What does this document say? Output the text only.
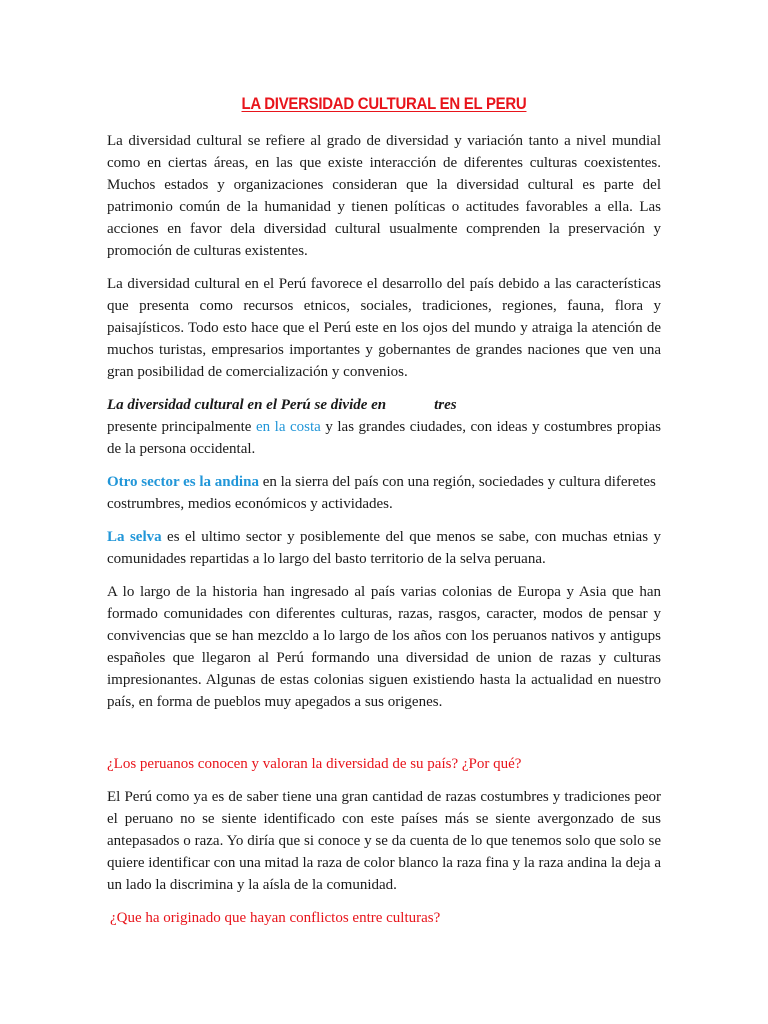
LA DIVERSIDAD CULTURAL EN EL PERU

La diversidad cultural se refiere al grado de diversidad y variación tanto a nivel mundial como en ciertas áreas, en las que existe interacción de diferentes culturas coexistentes. Muchos estados y organizaciones consideran que la diversidad cultural es parte del patrimonio común de la humanidad y tienen políticas o actitudes favorables a ella. Las acciones en favor dela diversidad cultural usualmente comprenden la preservación y promoción de culturas existentes.

La diversidad cultural en el Perú favorece el desarrollo del país debido a las características que presenta como recursos etnicos, sociales, tradiciones, regiones, fauna, flora y paisajísticos. Todo esto hace que el Perú este en los ojos del mundo y atraiga la atención de muchos turistas, empresarios importantes y gobernantes de grandes naciones que ven una gran posibilidad de comercialización y convenios.

La diversidad cultural en el Perú se divide en	tres

presente principalmente en la costa y las grandes ciudades, con ideas y costumbres propias de la persona occidental.

Otro sector es la andina en la sierra del país con una región, sociedades y cultura diferetes costrumbres, medios económicos y actividades.

La selva es el ultimo sector y posiblemente del que menos se sabe, con muchas etnias y comunidades repartidas a lo largo del basto territorio de la selva peruana.

A lo largo de la historia han ingresado al país varias colonias de Europa y Asia que han formado comunidades con diferentes culturas, razas, rasgos, caracter, modos de pensar y convivencias que se han mezcldo a lo largo de los años con los peruanos nativos y antigups españoles que llegaron al Perú formando una diversidad de union de razas y culturas impresionantes. Algunas de estas colonias siguen existiendo hasta la actualidad en nuestro país, en forma de pueblos muy apegados a sus origenes.

¿Los peruanos conocen y valoran la diversidad de su país? ¿Por qué?

El Perú como ya es de saber tiene una gran cantidad de razas costumbres y tradiciones peor el peruano no se siente identificado con este países más se siente avergonzado de sus antepasados o raza. Yo diría que si conoce y se da cuenta de lo que tenemos solo que solo se quiere identificar con una mitad la raza de color blanco la raza fina y la raza andina la deja a un lado la discrimina y la aísla de la comunidad.

¿Que ha originado que hayan conflictos entre culturas?
